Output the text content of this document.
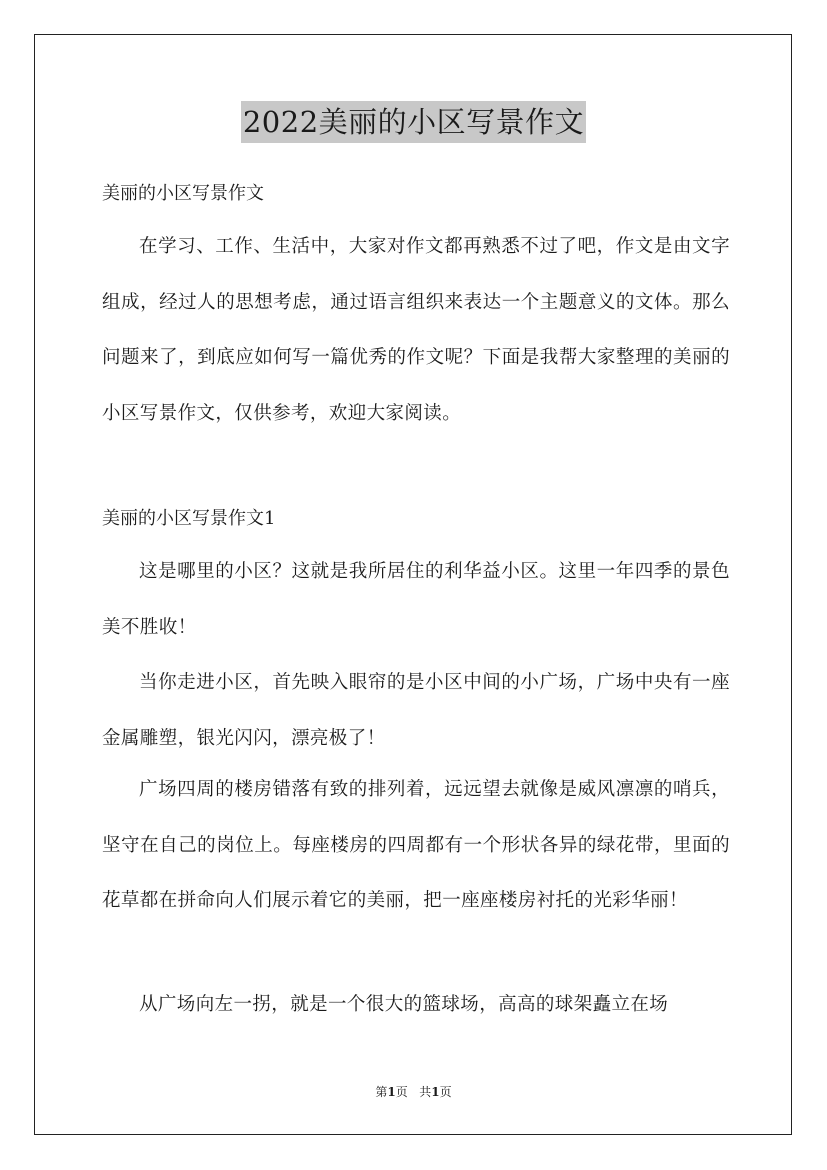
2022美丽的小区写景作文
美丽的小区写景作文

在学习、工作、生活中，大家对作文都再熟悉不过了吧，作文是由文字组成，经过人的思想考虑，通过语言组织来表达一个主题意义的文体。那么问题来了，到底应如何写一篇优秀的作文呢？下面是我帮大家整理的美丽的小区写景作文，仅供参考，欢迎大家阅读。

美丽的小区写景作文1

这是哪里的小区？这就是我所居住的利华益小区。这里一年四季的景色美不胜收！

当你走进小区，首先映入眼帘的是小区中间的小广场，广场中央有一座金属雕塑，银光闪闪，漂亮极了！

广场四周的楼房错落有致的排列着，远远望去就像是威风凛凛的哨兵，坚守在自己的岗位上。每座楼房的四周都有一个形状各异的绿花带，里面的花草都在拼命向人们展示着它的美丽，把一座座楼房衬托的光彩华丽！

从广场向左一拐，就是一个很大的篮球场，高高的球架矗立在场

第1页 共1页
